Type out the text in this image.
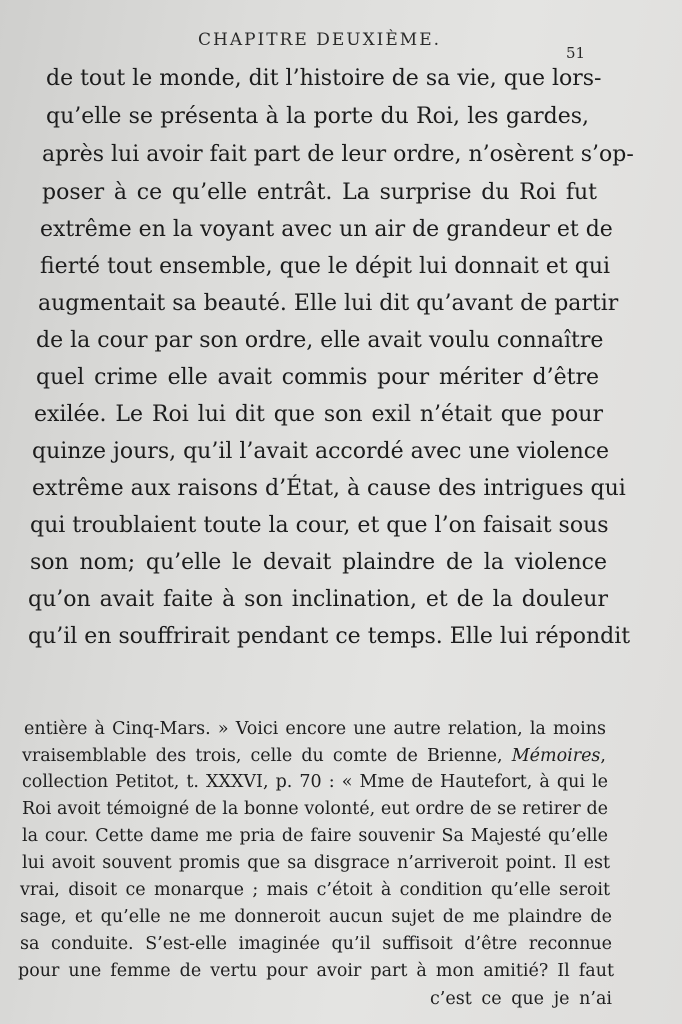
CHAPITRE DEUXIÈME.
51
de tout le monde, dit l’histoire de sa vie, que lors-
qu’elle se présenta à la porte du Roi, les gardes,
après lui avoir fait part de leur ordre, n’osèrent s’op-
poser à ce qu’elle entrât. La surprise du Roi fut
extrême en la voyant avec un air de grandeur et de
fierté tout ensemble, que le dépit lui donnait et qui
augmentait sa beauté. Elle lui dit qu’avant de partir
de la cour par son ordre, elle avait voulu connaître
quel crime elle avait commis pour mériter d’être
exilée. Le Roi lui dit que son exil n’était que pour
quinze jours, qu’il l’avait accordé avec une violence
extrême aux raisons d’État, à cause des intrigues qui
qui troublaient toute la cour, et que l’on faisait sous
son nom; qu’elle le devait plaindre de la violence
qu’on avait faite à son inclination, et de la douleur
qu’il en souffrirait pendant ce temps. Elle lui répondit
entière à Cinq-Mars. » Voici encore une autre relation, la moins
vraisemblable des trois, celle du comte de Brienne, Mémoires,
collection Petitot, t. XXXVI, p. 70 : « Mme de Hautefort, à qui le
Roi avoit témoigné de la bonne volonté, eut ordre de se retirer de
la cour. Cette dame me pria de faire souvenir Sa Majesté qu’elle
lui avoit souvent promis que sa disgrace n’arriveroit point. Il est
vrai, disoit ce monarque ; mais c’étoit à condition qu’elle seroit
sage, et qu’elle ne me donneroit aucun sujet de me plaindre de
sa conduite. S’est-elle imaginée qu’il suffisoit d’être reconnue
pour une femme de vertu pour avoir part à mon amitié? Il faut
c’est ce que je n’ai
